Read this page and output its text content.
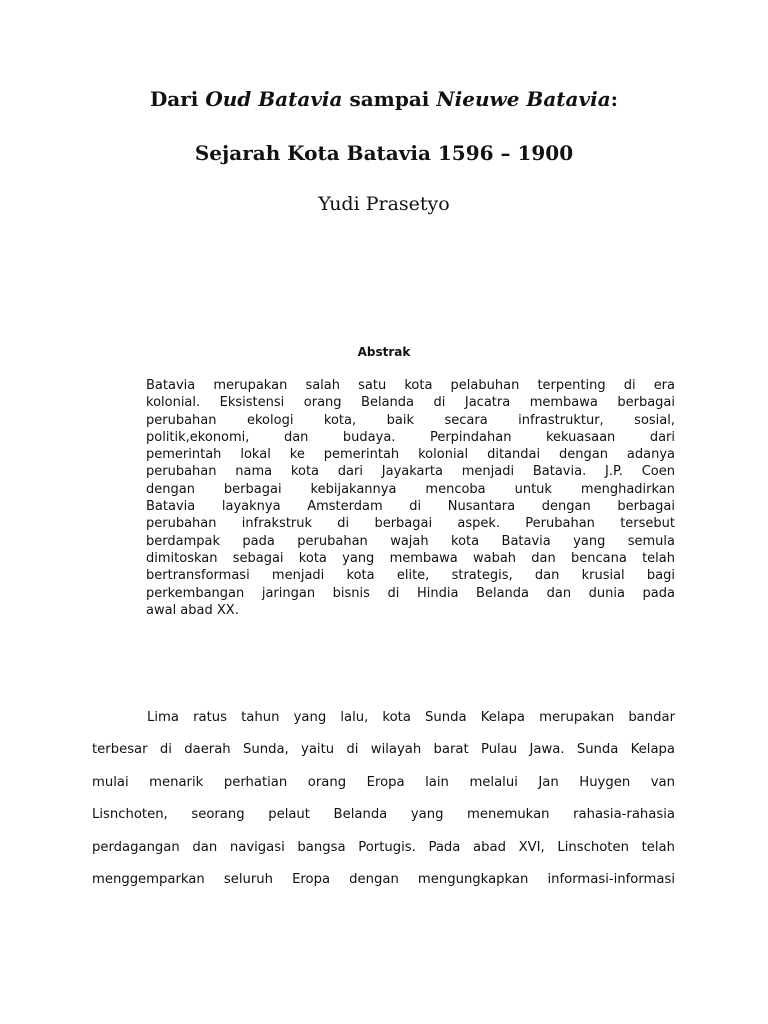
Dari Oud Batavia sampai Nieuwe Batavia:
Sejarah Kota Batavia 1596 – 1900
Yudi Prasetyo
Abstrak
Batavia merupakan salah satu kota pelabuhan terpenting di era
kolonial. Eksistensi orang Belanda di Jacatra membawa berbagai
perubahan ekologi kota, baik secara infrastruktur, sosial,
politik,ekonomi, dan budaya. Perpindahan kekuasaan dari
pemerintah lokal ke pemerintah kolonial ditandai dengan adanya
perubahan nama kota dari Jayakarta menjadi Batavia. J.P. Coen
dengan berbagai kebijakannya mencoba untuk menghadirkan
Batavia layaknya Amsterdam di Nusantara dengan berbagai
perubahan infrakstruk di berbagai aspek. Perubahan tersebut
berdampak pada perubahan wajah kota Batavia yang semula
dimitoskan sebagai kota yang membawa wabah dan bencana telah
bertransformasi menjadi kota elite, strategis, dan krusial bagi
perkembangan jaringan bisnis di Hindia Belanda dan dunia pada
awal abad XX.
Lima ratus tahun yang lalu, kota Sunda Kelapa merupakan bandar
terbesar di daerah Sunda, yaitu di wilayah barat Pulau Jawa. Sunda Kelapa
mulai menarik perhatian orang Eropa lain melalui Jan Huygen van
Lisnchoten, seorang pelaut Belanda yang menemukan rahasia-rahasia
perdagangan dan navigasi bangsa Portugis. Pada abad XVI, Linschoten telah
menggemparkan seluruh Eropa dengan mengungkapkan informasi-informasi
